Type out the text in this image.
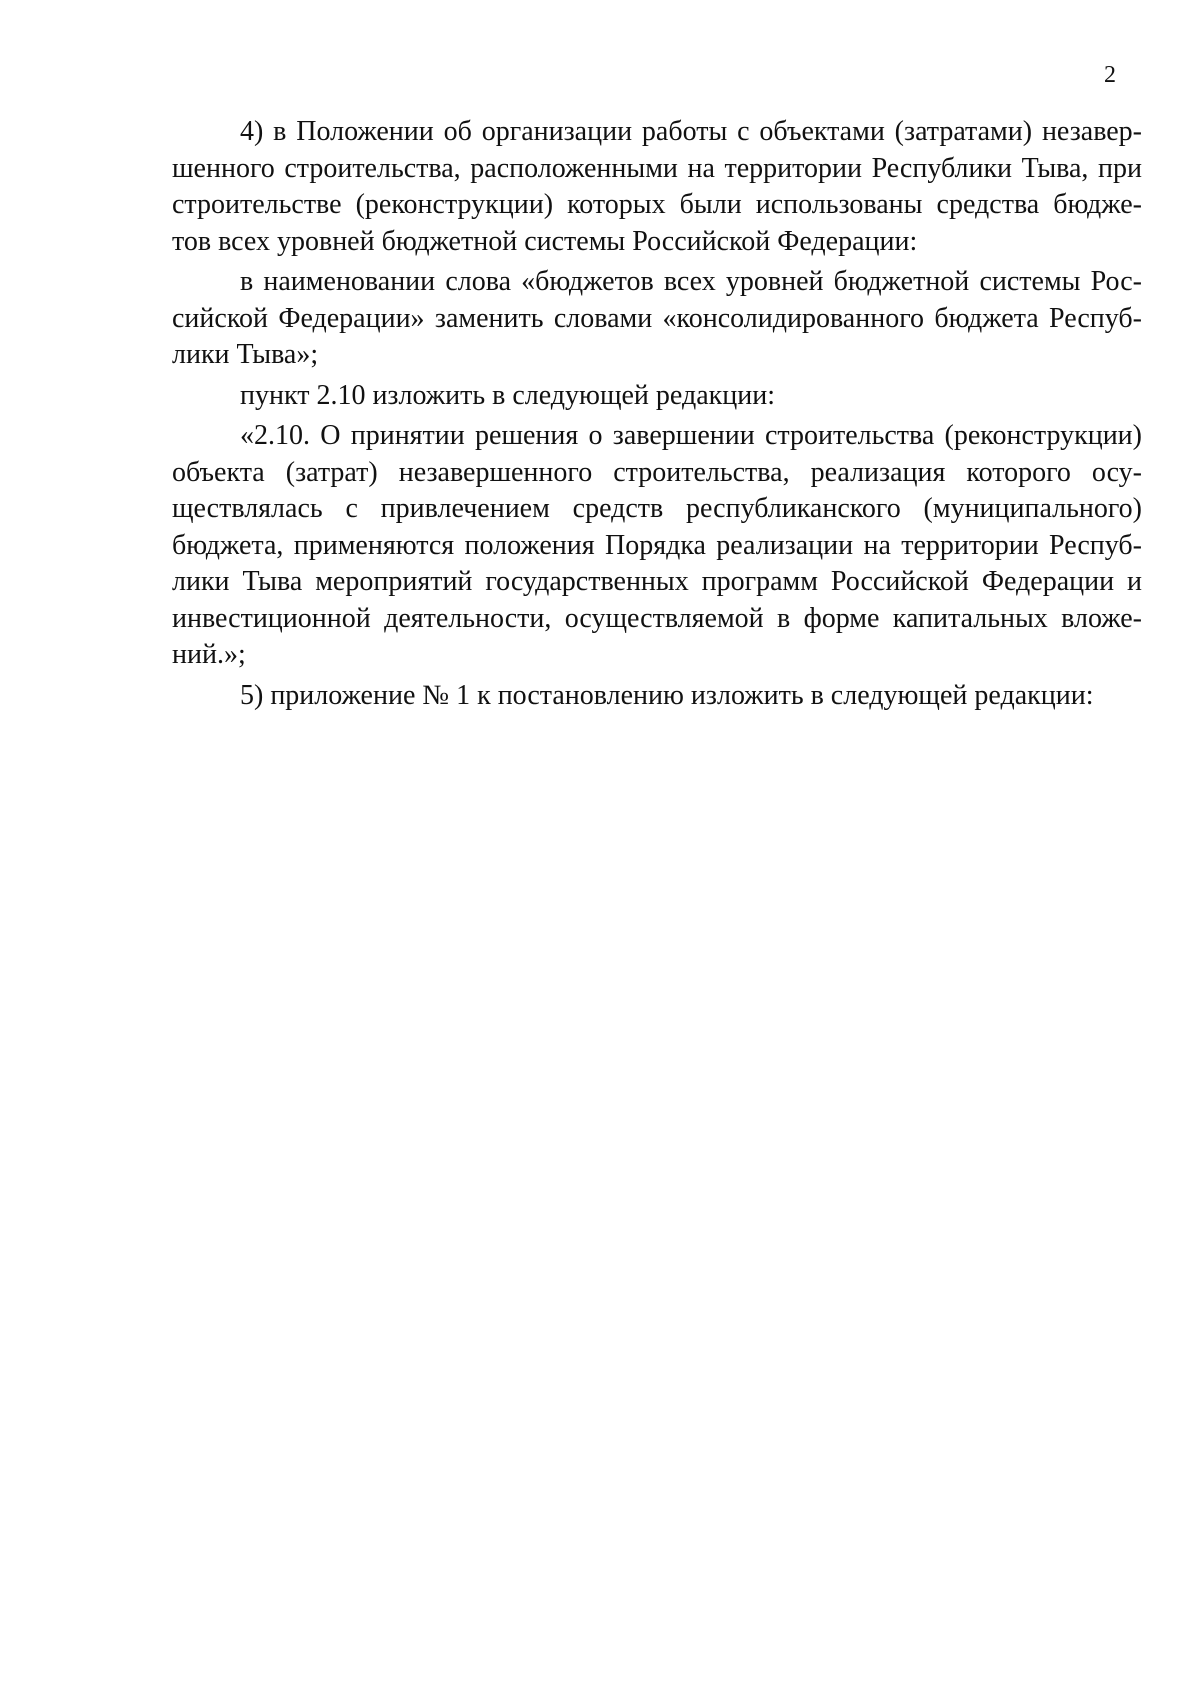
2
4) в Положении об организации работы с объектами (затратами) незавер-
шенного строительства, расположенными на территории Республики Тыва, при
строительстве (реконструкции) которых были использованы средства бюдже-
тов всех уровней бюджетной системы Российской Федерации:
в наименовании слова «бюджетов всех уровней бюджетной системы Рос-
сийской Федерации» заменить словами «консолидированного бюджета Респуб-
лики Тыва»;
пункт 2.10 изложить в следующей редакции:
«2.10. О принятии решения о завершении строительства (реконструкции)
объекта (затрат) незавершенного строительства, реализация которого осу-
ществлялась с привлечением средств республиканского (муниципального)
бюджета, применяются положения Порядка реализации на территории Респуб-
лики Тыва мероприятий государственных программ Российской Федерации и
инвестиционной деятельности, осуществляемой в форме капитальных вложе-
ний.»;
5) приложение № 1 к постановлению изложить в следующей редакции:
